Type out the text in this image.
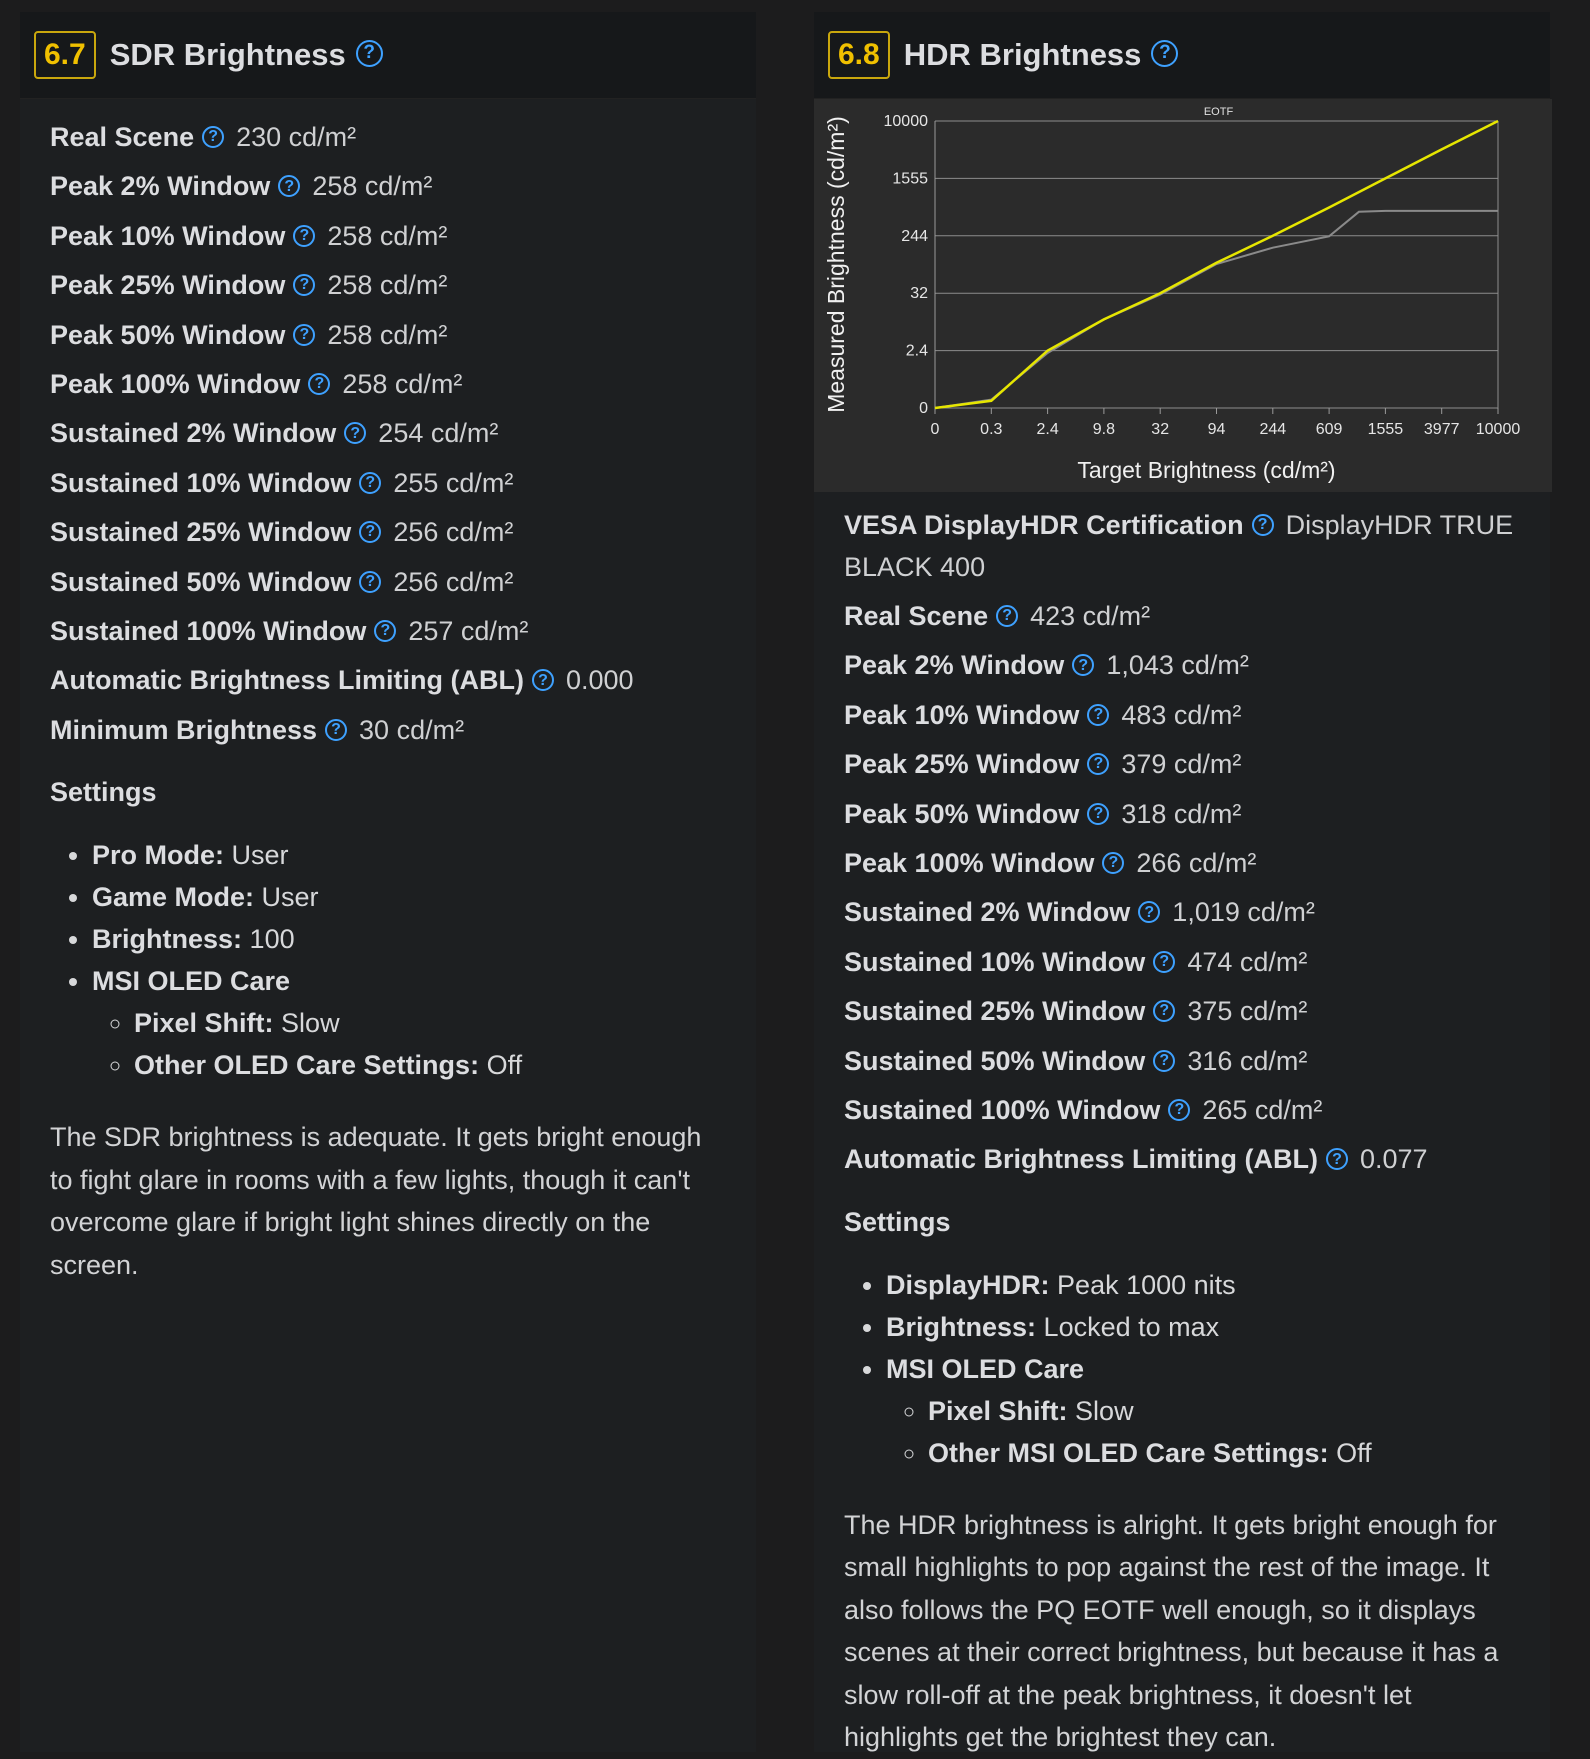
6.7 SDR Brightness ?
Real Scene ? 230 cd/m²
Peak 2% Window ? 258 cd/m²
Peak 10% Window ? 258 cd/m²
Peak 25% Window ? 258 cd/m²
Peak 50% Window ? 258 cd/m²
Peak 100% Window ? 258 cd/m²
Sustained 2% Window ? 254 cd/m²
Sustained 10% Window ? 255 cd/m²
Sustained 25% Window ? 256 cd/m²
Sustained 50% Window ? 256 cd/m²
Sustained 100% Window ? 257 cd/m²
Automatic Brightness Limiting (ABL) ? 0.000
Minimum Brightness ? 30 cd/m²
Settings
• Pro Mode: User
• Game Mode: User
• Brightness: 100
• MSI OLED Care
◦ Pixel Shift: Slow
◦ Other OLED Care Settings: Off
The SDR brightness is adequate. It gets bright enough to fight glare in rooms with a few lights, though it can't overcome glare if bright light shines directly on the screen.
6.8 HDR Brightness ?
0
2.4
32
244
1555
10000
0	0.3 2.4 9.8 32 94 244 609 1555 3977 10000
EOTF
Target Brightness (cd/m²)
Measured Brightness (cd/m²)
VESA DisplayHDR Certification ? DisplayHDR TRUE BLACK 400
Real Scene ? 423 cd/m²
Peak 2% Window ? 1,043 cd/m²
Peak 10% Window ? 483 cd/m²
Peak 25% Window ? 379 cd/m²
Peak 50% Window ? 318 cd/m²
Peak 100% Window ? 266 cd/m²
Sustained 2% Window ? 1,019 cd/m²
Sustained 10% Window ? 474 cd/m²
Sustained 25% Window ? 375 cd/m²
Sustained 50% Window ? 316 cd/m²
Sustained 100% Window ? 265 cd/m²
Automatic Brightness Limiting (ABL) ? 0.077
Settings
• DisplayHDR: Peak 1000 nits
• Brightness: Locked to max
• MSI OLED Care
◦ Pixel Shift: Slow
◦ Other MSI OLED Care Settings: Off
The HDR brightness is alright. It gets bright enough for small highlights to pop against the rest of the image. It also follows the PQ EOTF well enough, so it displays scenes at their correct brightness, but because it has a slow roll-off at the peak brightness, it doesn't let highlights get the brightest they can.
